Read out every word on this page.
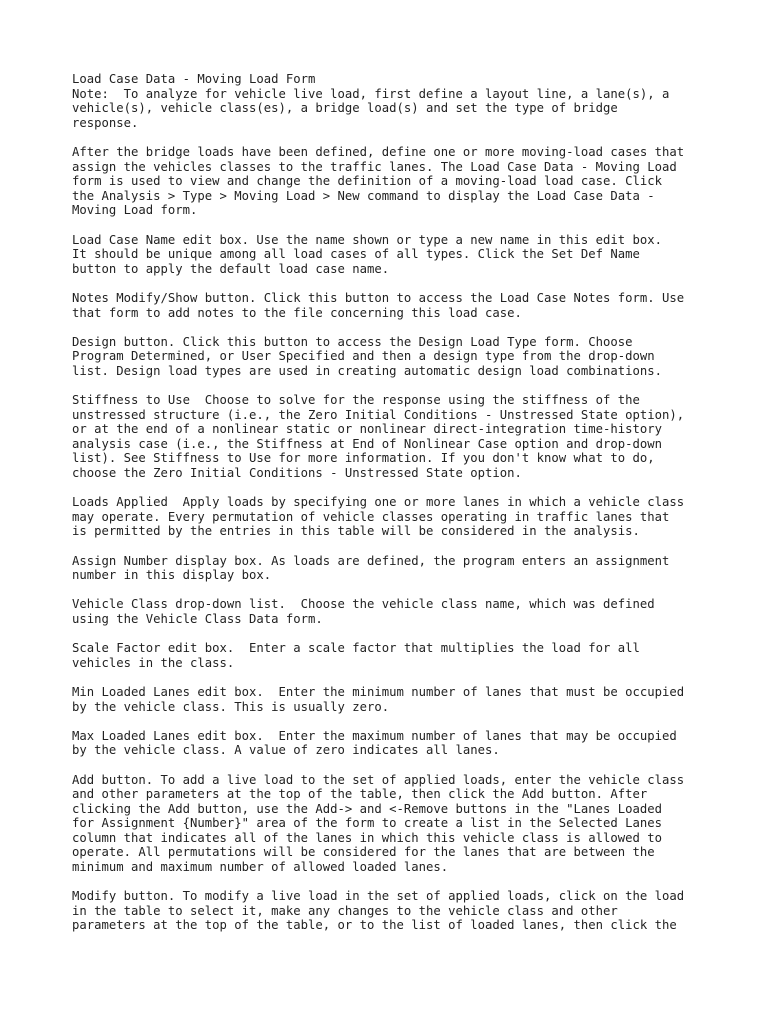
Load Case Data - Moving Load Form
Note:  To analyze for vehicle live load, first define a layout line, a lane(s), a
vehicle(s), vehicle class(es), a bridge load(s) and set the type of bridge
response.
After the bridge loads have been defined, define one or more moving-load cases that
assign the vehicles classes to the traffic lanes. The Load Case Data - Moving Load
form is used to view and change the definition of a moving-load load case. Click
the Analysis > Type > Moving Load > New command to display the Load Case Data -
Moving Load form.
Load Case Name edit box. Use the name shown or type a new name in this edit box.
It should be unique among all load cases of all types. Click the Set Def Name
button to apply the default load case name.
Notes Modify/Show button. Click this button to access the Load Case Notes form. Use
that form to add notes to the file concerning this load case.
Design button. Click this button to access the Design Load Type form. Choose
Program Determined, or User Specified and then a design type from the drop-down
list. Design load types are used in creating automatic design load combinations.
Stiffness to Use  Choose to solve for the response using the stiffness of the
unstressed structure (i.e., the Zero Initial Conditions - Unstressed State option),
or at the end of a nonlinear static or nonlinear direct-integration time-history
analysis case (i.e., the Stiffness at End of Nonlinear Case option and drop-down
list). See Stiffness to Use for more information. If you don't know what to do,
choose the Zero Initial Conditions - Unstressed State option.
Loads Applied  Apply loads by specifying one or more lanes in which a vehicle class
may operate. Every permutation of vehicle classes operating in traffic lanes that
is permitted by the entries in this table will be considered in the analysis.
Assign Number display box. As loads are defined, the program enters an assignment
number in this display box.
Vehicle Class drop-down list.  Choose the vehicle class name, which was defined
using the Vehicle Class Data form.
Scale Factor edit box.  Enter a scale factor that multiplies the load for all
vehicles in the class.
Min Loaded Lanes edit box.  Enter the minimum number of lanes that must be occupied
by the vehicle class. This is usually zero.
Max Loaded Lanes edit box.  Enter the maximum number of lanes that may be occupied
by the vehicle class. A value of zero indicates all lanes.
Add button. To add a live load to the set of applied loads, enter the vehicle class
and other parameters at the top of the table, then click the Add button. After
clicking the Add button, use the Add-> and <-Remove buttons in the "Lanes Loaded
for Assignment {Number}" area of the form to create a list in the Selected Lanes
column that indicates all of the lanes in which this vehicle class is allowed to
operate. All permutations will be considered for the lanes that are between the
minimum and maximum number of allowed loaded lanes.
Modify button. To modify a live load in the set of applied loads, click on the load
in the table to select it, make any changes to the vehicle class and other
parameters at the top of the table, or to the list of loaded lanes, then click the
